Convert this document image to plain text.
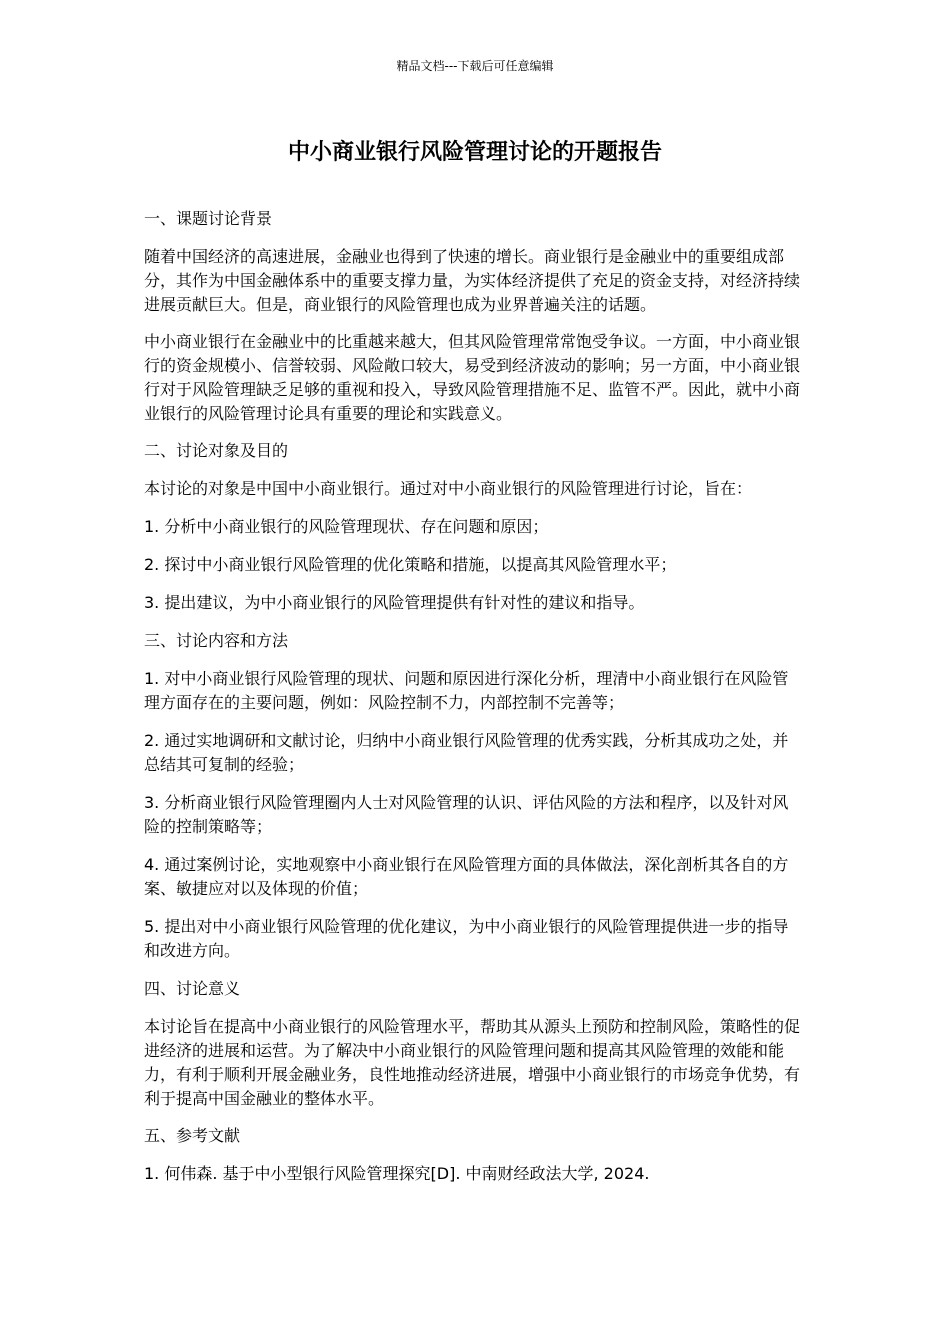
精品文档---下载后可任意编辑
中小商业银行风险管理讨论的开题报告

一、课题讨论背景

随着中国经济的高速进展，金融业也得到了快速的增长。商业银行是金融业中的重要组成部分，其作为中国金融体系中的重要支撑力量，为实体经济提供了充足的资金支持，对经济持续进展贡献巨大。但是，商业银行的风险管理也成为业界普遍关注的话题。

中小商业银行在金融业中的比重越来越大，但其风险管理常常饱受争议。一方面，中小商业银行的资金规模小、信誉较弱、风险敞口较大，易受到经济波动的影响；另一方面，中小商业银行对于风险管理缺乏足够的重视和投入，导致风险管理措施不足、监管不严。因此，就中小商业银行的风险管理讨论具有重要的理论和实践意义。

二、讨论对象及目的

本讨论的对象是中国中小商业银行。通过对中小商业银行的风险管理进行讨论，旨在：

1. 分析中小商业银行的风险管理现状、存在问题和原因；

2. 探讨中小商业银行风险管理的优化策略和措施，以提高其风险管理水平；

3. 提出建议，为中小商业银行的风险管理提供有针对性的建议和指导。

三、讨论内容和方法

1. 对中小商业银行风险管理的现状、问题和原因进行深化分析，理清中小商业银行在风险管理方面存在的主要问题，例如：风险控制不力，内部控制不完善等；

2. 通过实地调研和文献讨论，归纳中小商业银行风险管理的优秀实践，分析其成功之处，并总结其可复制的经验；

3. 分析商业银行风险管理圈内人士对风险管理的认识、评估风险的方法和程序，以及针对风险的控制策略等；

4. 通过案例讨论，实地观察中小商业银行在风险管理方面的具体做法，深化剖析其各自的方案、敏捷应对以及体现的价值；

5. 提出对中小商业银行风险管理的优化建议，为中小商业银行的风险管理提供进一步的指导和改进方向。

四、讨论意义

本讨论旨在提高中小商业银行的风险管理水平，帮助其从源头上预防和控制风险，策略性的促进经济的进展和运营。为了解决中小商业银行的风险管理问题和提高其风险管理的效能和能力，有利于顺利开展金融业务，良性地推动经济进展，增强中小商业银行的市场竞争优势，有利于提高中国金融业的整体水平。

五、参考文献

1. 何伟森. 基于中小型银行风险管理探究[D]. 中南财经政法大学, 2024.
